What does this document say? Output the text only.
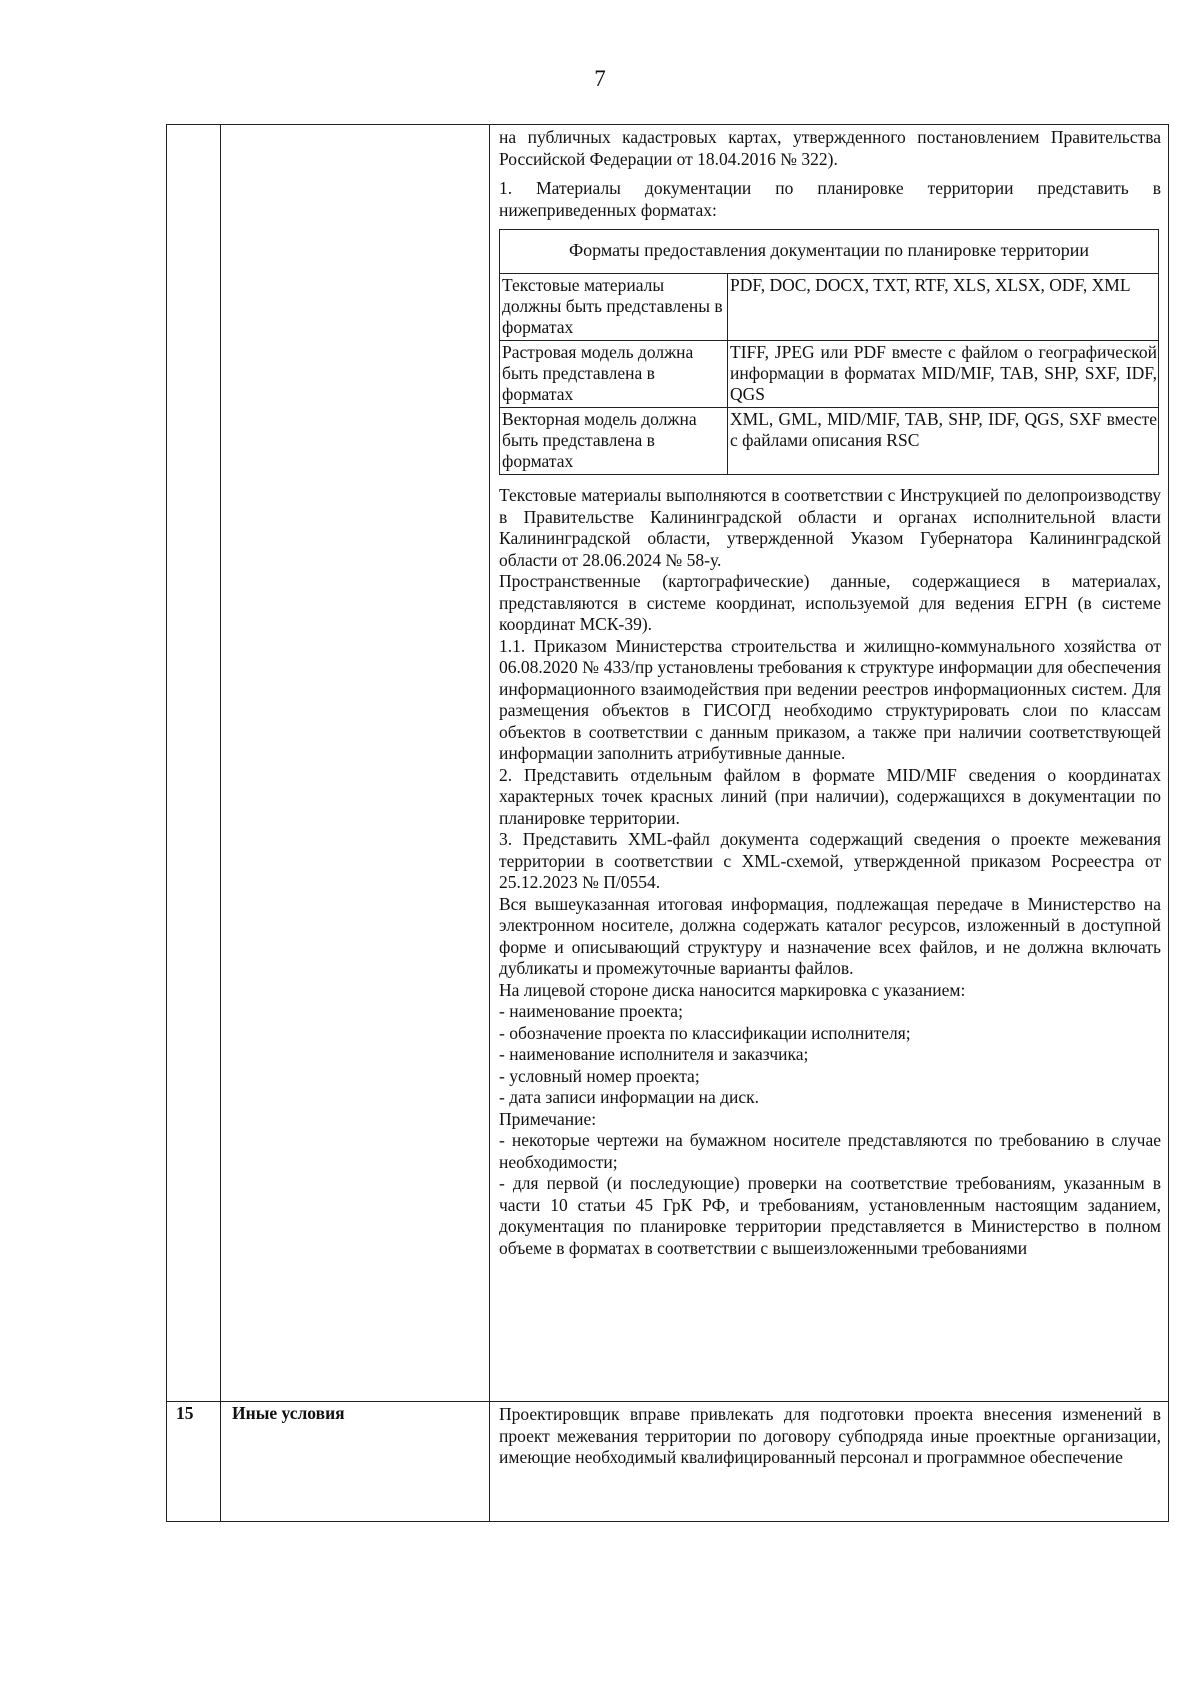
7

на публичных кадастровых картах, утвержденного постановлением Правительства Российской Федерации от 18.04.2016 № 322).

1. Материалы документации по планировке территории представить в нижеприведенных форматах:

Форматы предоставления документации по планировке территории	
Текстовые материалы должны быть представлены в форматах	PDF, DOC, DOCX, TXT, RTF, XLS, XLSX, ODF, XML
Растровая модель должна быть представлена в форматах	TIFF, JPEG или PDF вместе с файлом о географической информации в форматах MID/MIF, TAB, SHP, SXF, IDF, QGS
Векторная модель должна быть представлена в форматах	XML, GML, MID/MIF, TAB, SHP, IDF, QGS, SXF вместе с файлами описания RSC

Текстовые материалы выполняются в соответствии с Инструкцией по делопроизводству в Правительстве Калининградской области и органах исполнительной власти Калининградской области, утвержденной Указом Губернатора Калининградской области от 28.06.2024 № 58-у.

Пространственные (картографические) данные, содержащиеся в материалах, представляются в системе координат, используемой для ведения ЕГРН (в системе координат МСК-39).

1.1. Приказом Министерства строительства и жилищно-коммунального хозяйства от 06.08.2020 № 433/пр установлены требования к структуре информации для обеспечения информационного взаимодействия при ведении реестров информационных систем. Для размещения объектов в ГИСОГД необходимо структурировать слои по классам объектов в соответствии с данным приказом, а также при наличии соответствующей информации заполнить атрибутивные данные.

2. Представить отдельным файлом в формате MID/MIF сведения о координатах характерных точек красных линий (при наличии), содержащихся в документации по планировке территории.

3. Представить XML-файл документа содержащий сведения о проекте межевания территории в соответствии с XML-схемой, утвержденной приказом Росреестра от 25.12.2023 № П/0554.

Вся вышеуказанная итоговая информация, подлежащая передаче в Министерство на электронном носителе, должна содержать каталог ресурсов, изложенный в доступной форме и описывающий структуру и назначение всех файлов, и не должна включать дубликаты и промежуточные варианты файлов.

На лицевой стороне диска наносится маркировка с указанием:

- наименование проекта;

- обозначение проекта по классификации исполнителя;

- наименование исполнителя и заказчика;

- условный номер проекта;

- дата записи информации на диск.

Примечание:

- некоторые чертежи на бумажном носителе представляются по требованию в случае необходимости;

- для первой (и последующие) проверки на соответствие требованиям, указанным в части 10 статьи 45 ГрК РФ, и требованиям, установленным настоящим заданием, документация по планировке территории представляется в Министерство в полном объеме в форматах в соответствии с вышеизложенными требованиями

15	Иные условия	Проектировщик вправе привлекать для подготовки проекта внесения изменений в проект межевания территории по договору субподряда иные проектные организации, имеющие необходимый квалифицированный персонал и программное обеспечение
